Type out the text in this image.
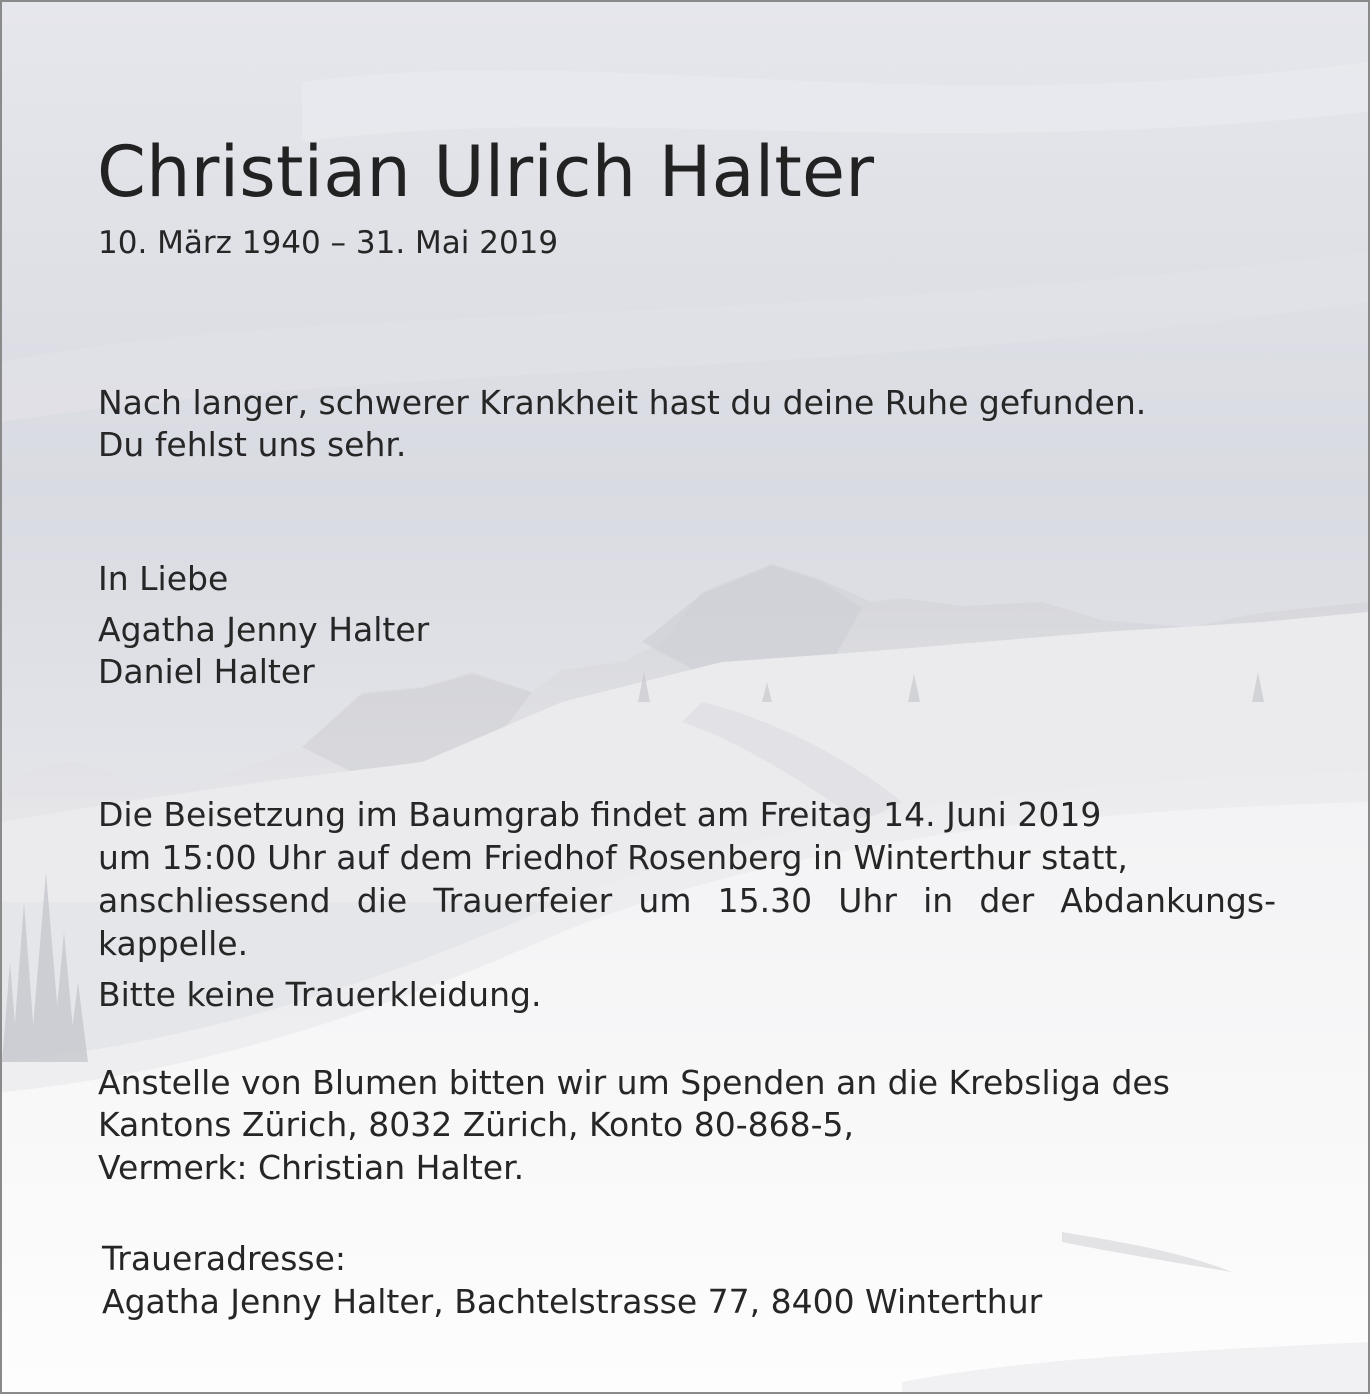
Christian Ulrich Halter
10. März 1940 – 31. Mai 2019
Nach langer, schwerer Krankheit hast du deine Ruhe gefunden.
Du fehlst uns sehr.
In Liebe
Agatha Jenny Halter
Daniel Halter
Die Beisetzung im Baumgrab findet am Freitag 14. Juni 2019
um 15:00 Uhr auf dem Friedhof Rosenberg in Winterthur statt,
anschliessend die Trauerfeier um 15.30 Uhr in der Abdankungs-
kappelle.
Bitte keine Trauerkleidung.
Anstelle von Blumen bitten wir um Spenden an die Krebsliga des
Kantons Zürich, 8032 Zürich, Konto 80-868-5,
Vermerk: Christian Halter.
Traueradresse:
Agatha Jenny Halter, Bachtelstrasse 77, 8400 Winterthur
